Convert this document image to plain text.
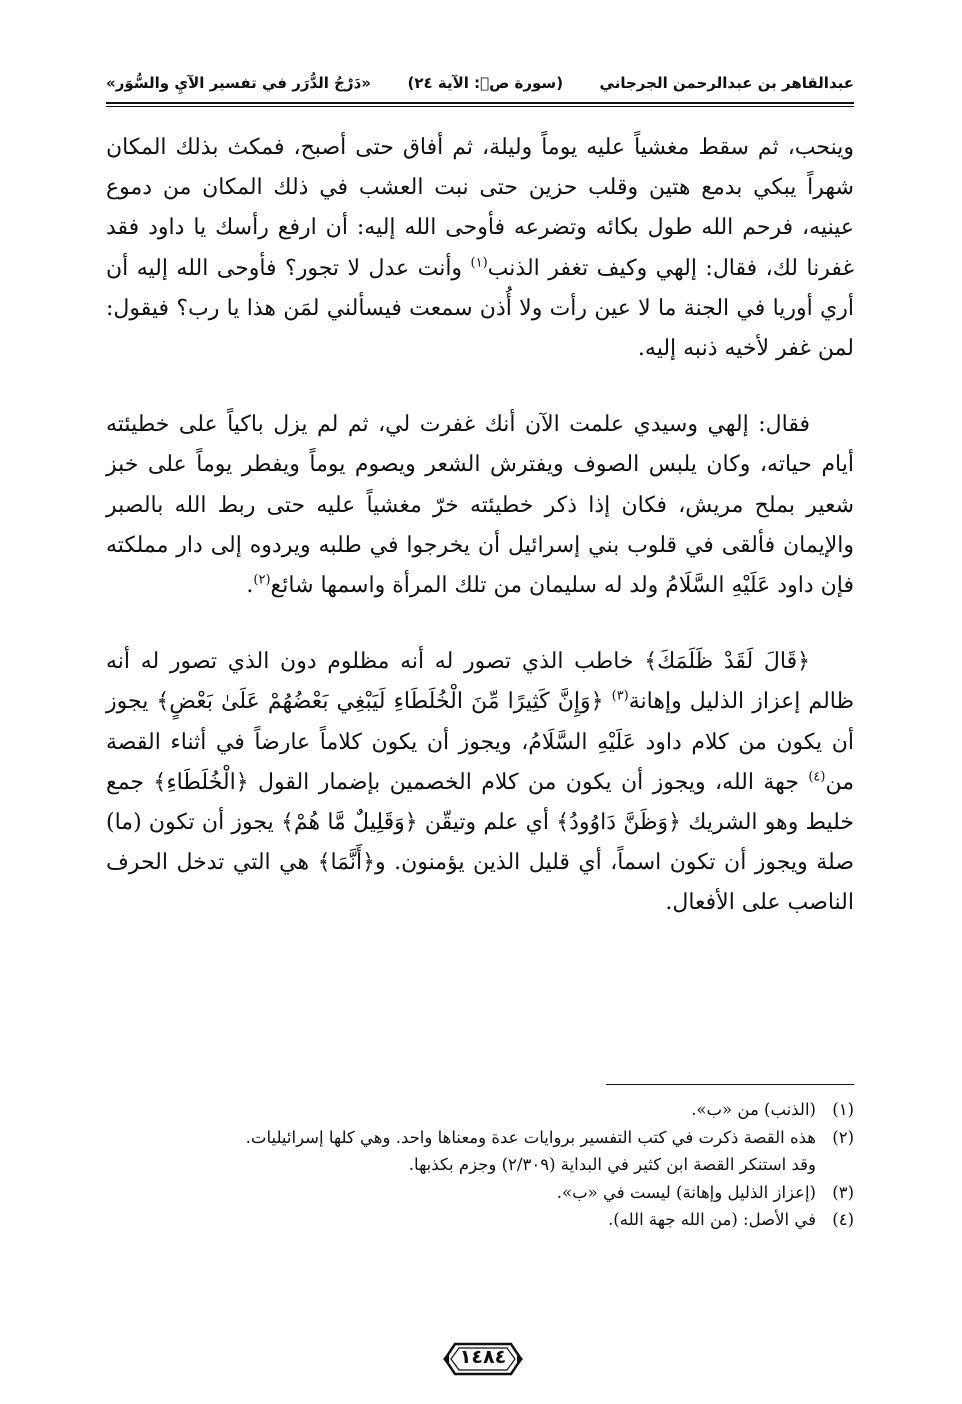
عبدالقاهر بن عبدالرحمن الجرجاني
(سورة صۤ: الآية ٢٤)
«دَرْجُ الدُّرَر في تفسير الآيِ والسُّوَر»

وينحب، ثم سقط مغشياً عليه يوماً وليلة، ثم أفاق حتى أصبح، فمكث بذلك المكان شهراً يبكي بدمع هتين وقلب حزين حتى نبت العشب في ذلك المكان من دموع عينيه، فرحم الله طول بكائه وتضرعه فأوحى الله إليه: أن ارفع رأسك يا داود فقد غفرنا لك، فقال: إلهي وكيف تغفر الذنب$^{(١)}$ وأنت عدل لا تجور؟ فأوحى الله إليه أن أري أوريا في الجنة ما لا عين رأت ولا أُذن سمعت فيسألني لمَن هذا يا رب؟ فيقول: لمن غفر لأخيه ذنبه إليه.

فقال: إلهي وسيدي علمت الآن أنك غفرت لي، ثم لم يزل باكياً على خطيئته أيام حياته، وكان يلبس الصوف ويفترش الشعر ويصوم يوماً ويفطر يوماً على خبز شعير بملح مريش، فكان إذا ذكر خطيئته خرّ مغشياً عليه حتى ربط الله بالصبر والإيمان فألقى في قلوب بني إسرائيل أن يخرجوا في طلبه ويردوه إلى دار مملكته فإن داود عَلَيْهِ السَّلَامُ ولد له سليمان من تلك المرأة واسمها شائع$^{(٢)}$.

﴿قَالَ لَقَدْ ظَلَمَكَ﴾ خاطب الذي تصور له أنه مظلوم دون الذي تصور له أنه ظالم إعزاز الذليل وإهانة$^{(٣)}$ ﴿وَإِنَّ كَثِيرًا مِّنَ الْخُلَطَاءِ لَيَبْغِي بَعْضُهُمْ عَلَىٰ بَعْضٍ﴾ يجوز أن يكون من كلام داود عَلَيْهِ السَّلَامُ، ويجوز أن يكون كلاماً عارضاً في أثناء القصة من$^{(٤)}$ جهة الله، ويجوز أن يكون من كلام الخصمين بإضمار القول ﴿الْخُلَطَاءِ﴾ جمع خليط وهو الشريك ﴿وَظَنَّ دَاوُودُ﴾ أي علم وتيقّن ﴿وَقَلِيلٌ مَّا هُمْ﴾ يجوز أن تكون (ما) صلة ويجوز أن تكون اسماً، أي قليل الذين يؤمنون. و﴿أَنَّمَا﴾ هي التي تدخل الحرف الناصب على الأفعال.

(١)
(الذنب) من «ب».
(٢)
هذه القصة ذكرت في كتب التفسير بروايات عدة ومعناها واحد. وهي كلها إسرائيليات.
وقد استنكر القصة ابن كثير في البداية (٢/٣٠٩) وجزم بكذبها.
(٣)
(إعزاز الذليل وإهانة) ليست في «ب».
(٤)
في الأصل: (من الله جهة الله).
١٤٨٤
